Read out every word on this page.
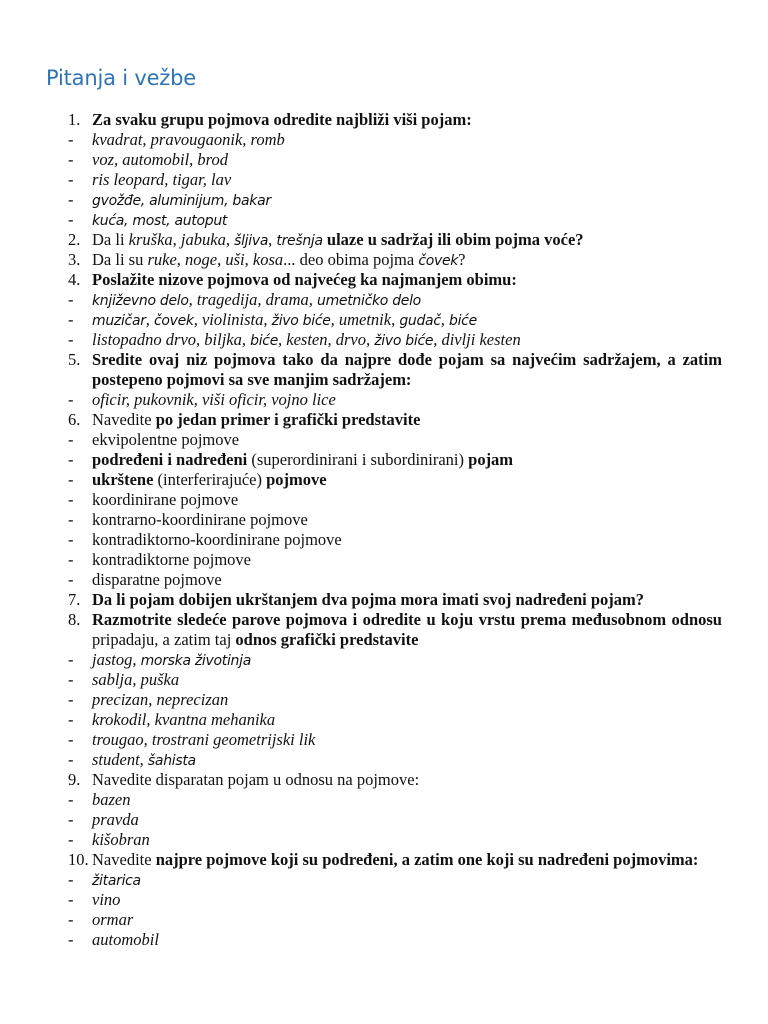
Pitanja i vežbe
1. Za svaku grupu pojmova odredite najbliži viši pojam:
- kvadrat, pravougaonik, romb
- voz, automobil, brod
- ris leopard, tigar, lav
- gvožđe, aluminijum, bakar
- kuća, most, autoput
2. Da li kruška, jabuka, šljiva, trešnja ulaze u sadržaj ili obim pojma voće?
3. Da li su ruke, noge, uši, kosa... deo obima pojma čovek?
4. Poslažite nizove pojmova od najvećeg ka najmanjem obimu:
- književno delo, tragedija, drama, umetničko delo
- muzičar, čovek, violinista, živo biće, umetnik, gudač, biće
- listopadno drvo, biljka, biće, kesten, drvo, živo biće, divlji kesten
5. Sredite ovaj niz pojmova tako da najpre dođe pojam sa najvećim sadržajem, a zatim postepeno pojmovi sa sve manjim sadržajem:
- oficir, pukovnik, viši oficir, vojno lice
6. Navedite po jedan primer i grafički predstavite
- ekvipolentne pojmove
- podređeni i nadređeni (superordinirani i subordinirani) pojam
- ukrštene (interferirajuće) pojmove
- koordinirane pojmove
- kontrarno-koordinirane pojmove
- kontradiktorno-koordinirane pojmove
- kontradiktorne pojmove
- disparatne pojmove
7. Da li pojam dobijen ukrštanjem dva pojma mora imati svoj nadređeni pojam?
8. Razmotrite sledeće parove pojmova i odredite u koju vrstu prema međusobnom odnosu pripadaju, a zatim taj odnos grafički predstavite
- jastog, morska životinja
- sablja, puška
- precizan, neprecizan
- krokodil, kvantna mehanika
- trougao, trostrani geometrijski lik
- student, šahista
9. Navedite disparatan pojam u odnosu na pojmove:
- bazen
- pravda
- kišobran
10. Navedite najpre pojmove koji su podređeni, a zatim one koji su nadređeni pojmovima:
- žitarica
- vino
- ormar
- automobil
